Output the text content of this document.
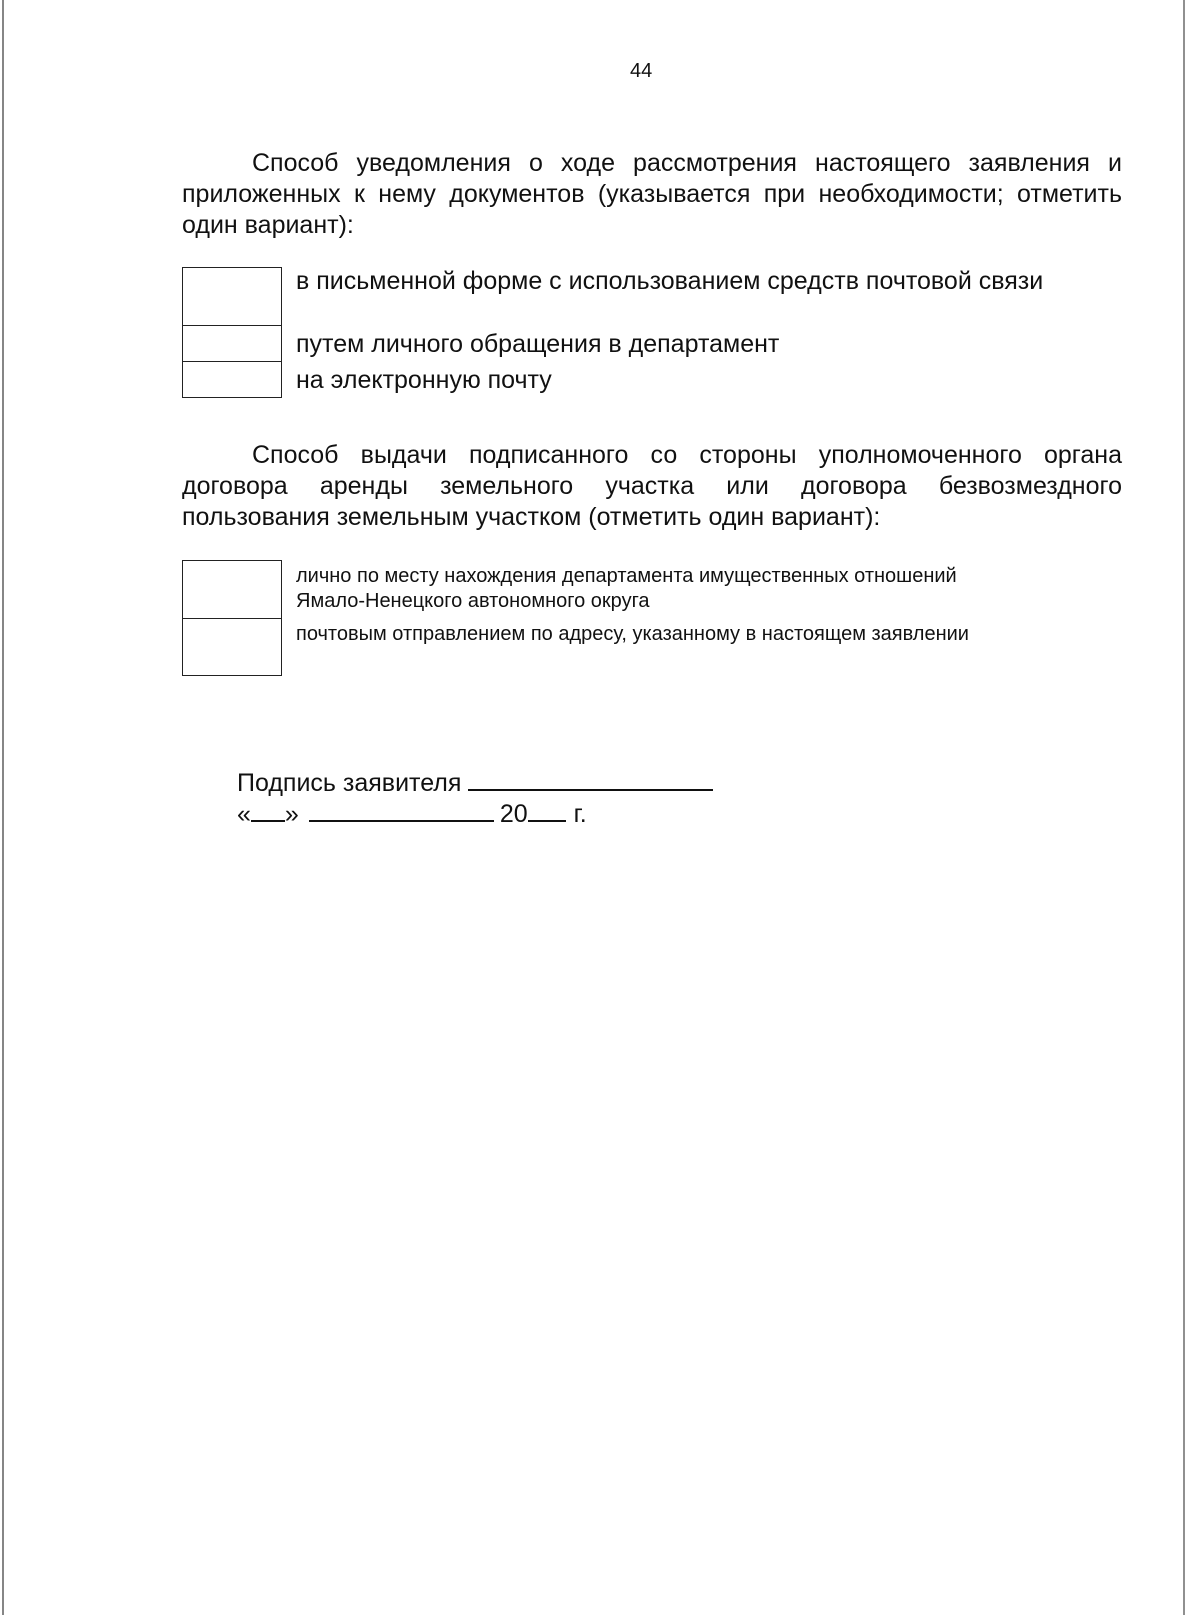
44

Способ уведомления о ходе рассмотрения настоящего заявления и приложенных к нему документов (указывается при необходимости; отметить один вариант):

в письменной форме с использованием средств почтовой связи
путем личного обращения в департамент
на электронную почту

Способ выдачи подписанного со стороны уполномоченного органа договора аренды земельного участка или договора безвозмездного пользования земельным участком (отметить один вариант):

лично по месту нахождения департамента имущественных отношений Ямало-Ненецкого автономного округа
почтовым отправлением по адресу, указанному в настоящем заявлении
Подпись заявителя
« »	20 г.
